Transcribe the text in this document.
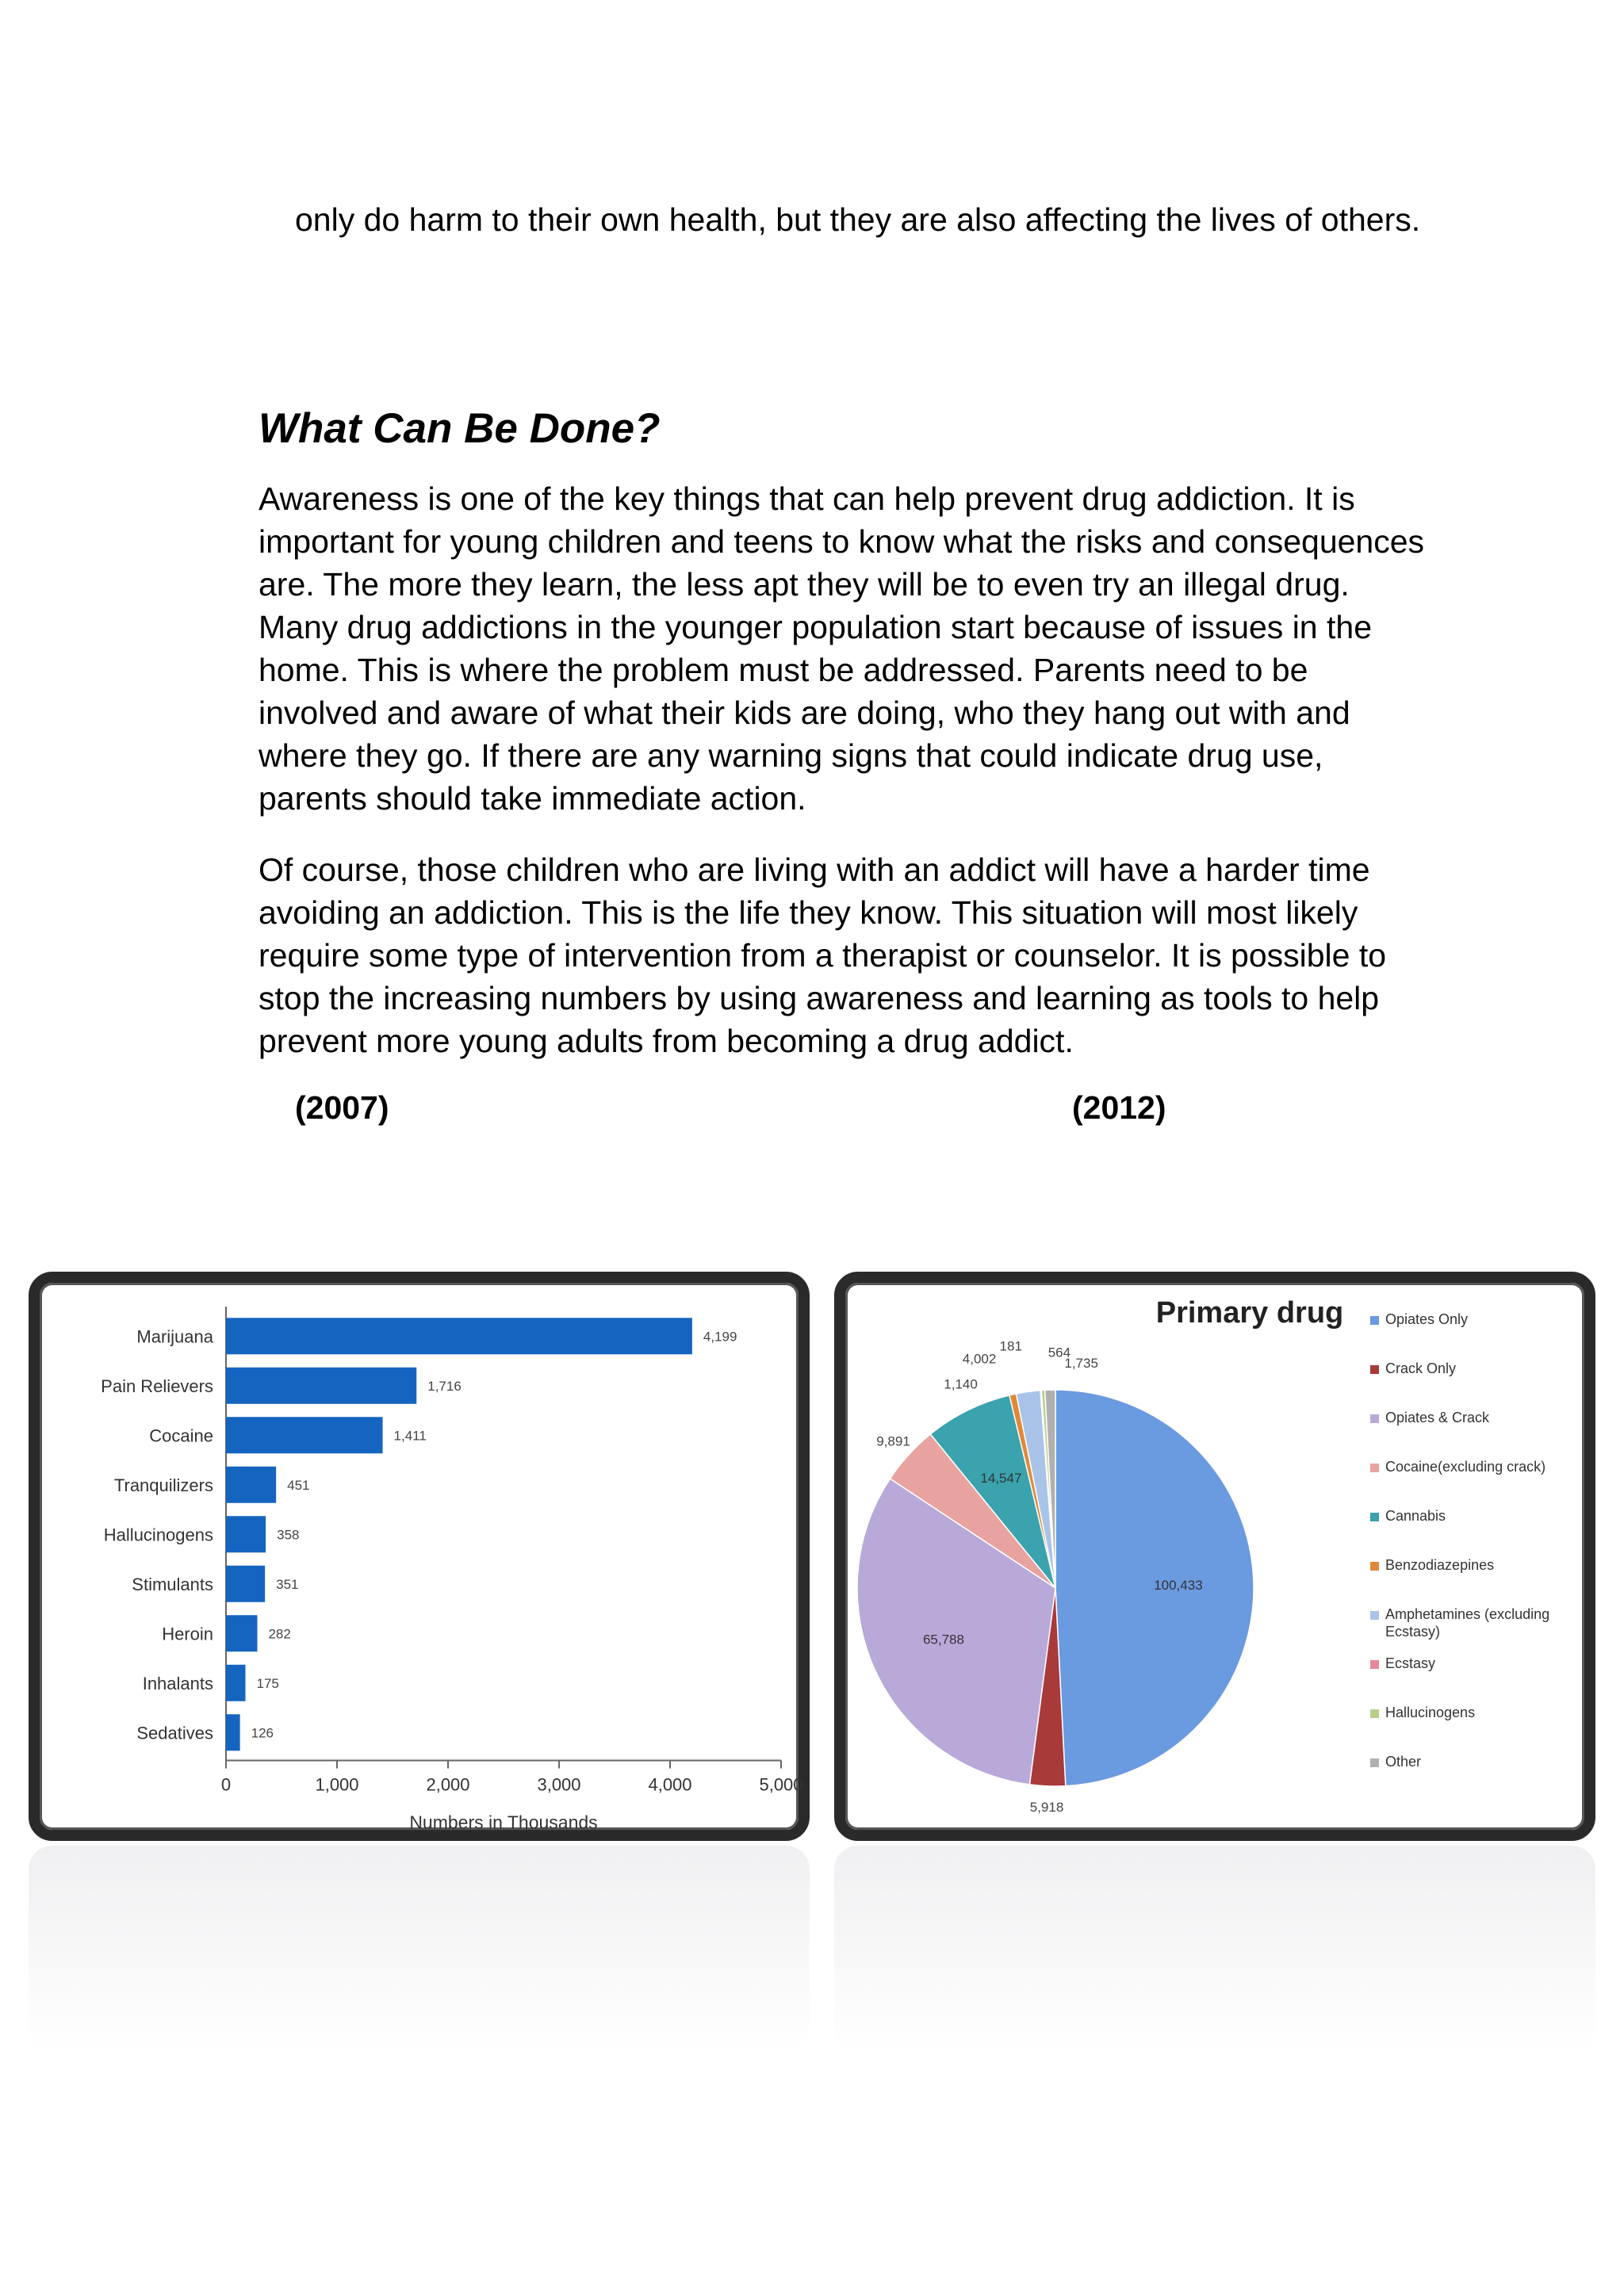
only do harm to their own health, but they are also affecting the lives of others.
What Can Be Done?
Awareness is one of the key things that can help prevent drug addiction. It is important for young children and teens to know what the risks and consequences are. The more they learn, the less apt they will be to even try an illegal drug. Many drug addictions in the younger population start because of issues in the home. This is where the problem must be addressed. Parents need to be involved and aware of what their kids are doing, who they hang out with and where they go. If there are any warning signs that could indicate drug use, parents should take immediate action.
Of course, those children who are living with an addict will have a harder time avoiding an addiction. This is the life they know. This situation will most likely require some type of intervention from a therapist or counselor. It is possible to stop the increasing numbers by using awareness and learning as tools to help prevent more young adults from becoming a drug addict.
(2007)	(2012)
Marijuana	4,199
Pain Relievers	1,716
Cocaine	1,411
Tranquilizers	451
Hallucinogens	358
Stimulants	351
Heroin	282
Inhalants	175
Sedatives	126
0	1,000	2,000	3,000	4,000	5,000
Numbers in Thousands
Primary drug
100,433
5,918
65,788
9,891
14,547
1,140
4,002
181 564
1,735
Opiates Only
Crack Only
Opiates & Crack
Cocaine(excluding crack)
Cannabis
Benzodiazepines
Amphetamines (excluding
Ecstasy)
Ecstasy
Hallucinogens
Other
